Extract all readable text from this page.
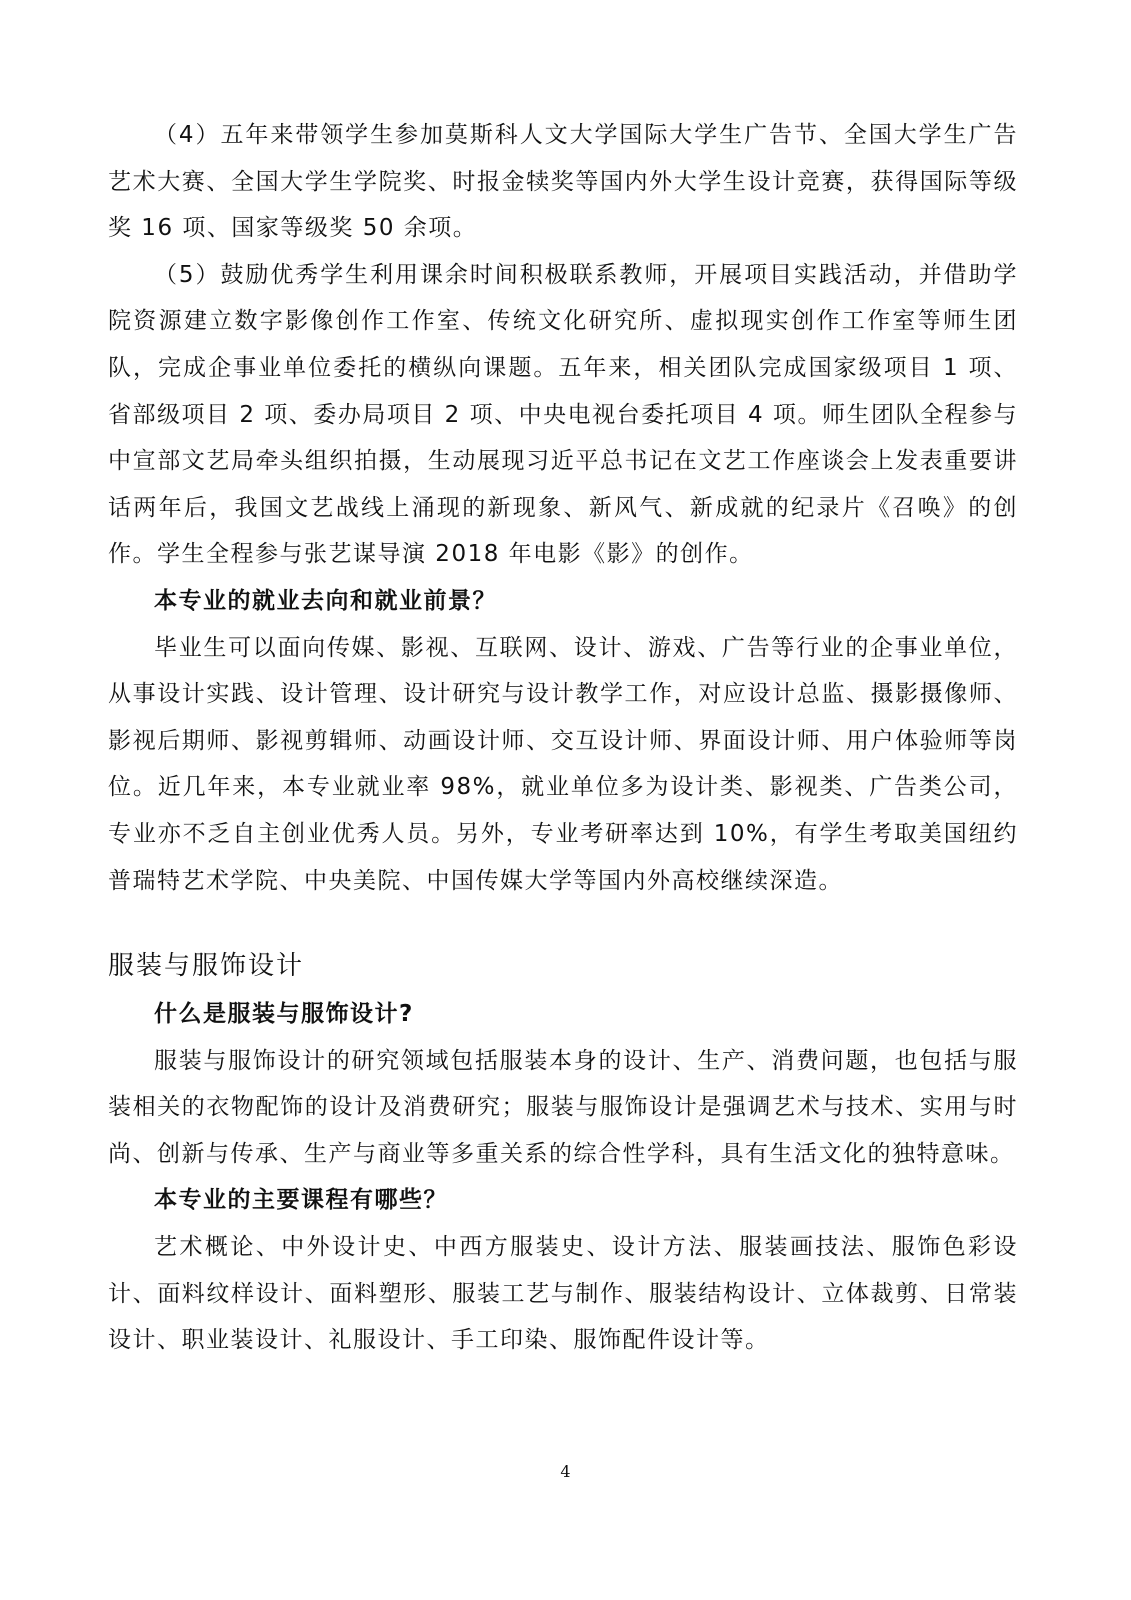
（4）五年来带领学生参加莫斯科人文大学国际大学生广告节、全国大学生广告艺术大赛、全国大学生学院奖、时报金犊奖等国内外大学生设计竞赛，获得国际等级奖 16 项、国家等级奖 50 余项。

（5）鼓励优秀学生利用课余时间积极联系教师，开展项目实践活动，并借助学院资源建立数字影像创作工作室、传统文化研究所、虚拟现实创作工作室等师生团队，完成企事业单位委托的横纵向课题。五年来，相关团队完成国家级项目 1 项、省部级项目 2 项、委办局项目 2 项、中央电视台委托项目 4 项。师生团队全程参与中宣部文艺局牵头组织拍摄，生动展现习近平总书记在文艺工作座谈会上发表重要讲话两年后，我国文艺战线上涌现的新现象、新风气、新成就的纪录片《召唤》的创作。学生全程参与张艺谋导演 2018 年电影《影》的创作。

本专业的就业去向和就业前景？

毕业生可以面向传媒、影视、互联网、设计、游戏、广告等行业的企事业单位，从事设计实践、设计管理、设计研究与设计教学工作，对应设计总监、摄影摄像师、影视后期师、影视剪辑师、动画设计师、交互设计师、界面设计师、用户体验师等岗位。近几年来，本专业就业率 98%，就业单位多为设计类、影视类、广告类公司，专业亦不乏自主创业优秀人员。另外，专业考研率达到 10%，有学生考取美国纽约普瑞特艺术学院、中央美院、中国传媒大学等国内外高校继续深造。

服装与服饰设计

什么是服装与服饰设计?

服装与服饰设计的研究领域包括服装本身的设计、生产、消费问题，也包括与服装相关的衣物配饰的设计及消费研究；服装与服饰设计是强调艺术与技术、实用与时尚、创新与传承、生产与商业等多重关系的综合性学科，具有生活文化的独特意味。

本专业的主要课程有哪些？

艺术概论、中外设计史、中西方服装史、设计方法、服装画技法、服饰色彩设计、面料纹样设计、面料塑形、服装工艺与制作、服装结构设计、立体裁剪、日常装设计、职业装设计、礼服设计、手工印染、服饰配件设计等。

4
